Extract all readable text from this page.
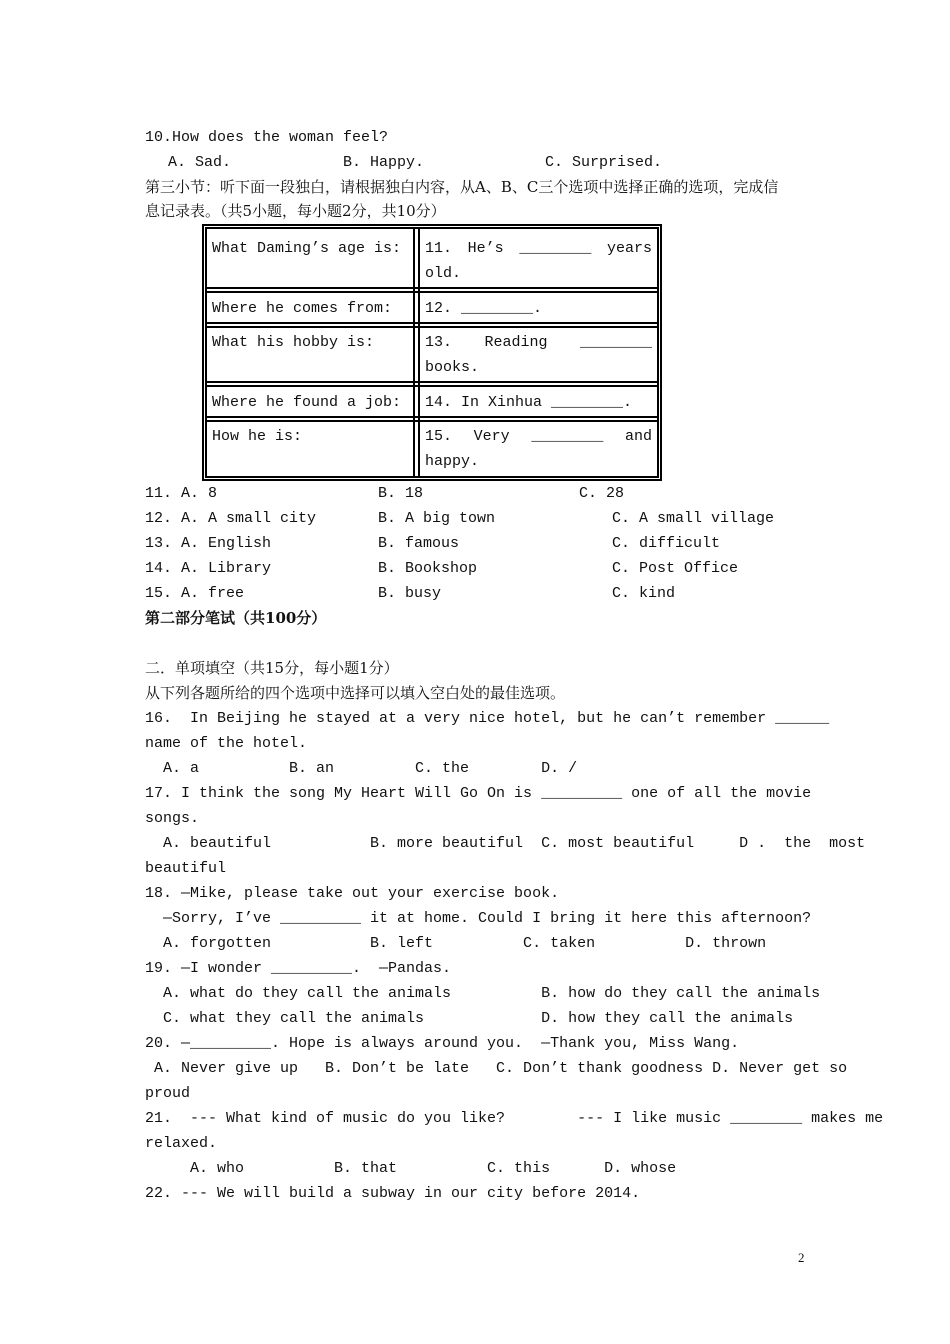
10.How does the woman feel?
A. Sad.	B. Happy.	C. Surprised.
第三小节：听下面一段独白，请根据独白内容，从A、B、C三个选项中选择正确的选项，完成信
息记录表。（共5小题，每小题2分，共10分）
What Daming’s age is:	11. He’s ________ years old.
Where he comes from:	12. ________.
What his hobby is:	13. Reading ________ books.
Where he found a job:	14. In Xinhua ________.
How he is:	15. Very ________ and happy.
11. A. 8	B. 18	C. 28
12. A. A small city	B. A big town	C. A small village
13. A. English	B. famous	C. difficult
14. A. Library	B. Bookshop	C. Post Office
15. A. free	B. busy	C. kind
第二部分笔试（共100分）
二．单项填空（共15分，每小题1分）
从下列各题所给的四个选项中选择可以填入空白处的最佳选项。
16.  In Beijing he stayed at a very nice hotel, but he can’t remember ______
name of the hotel.
A. a          B. an         C. the        D. /
17. I think the song My Heart Will Go On is _________ one of all the movie
songs.
A. beautiful           B. more beautiful  C. most beautiful     D .  the  most
beautiful
18. —Mike, please take out your exercise book.
—Sorry, I’ve _________ it at home. Could I bring it here this afternoon?
A. forgotten           B. left          C. taken          D. thrown
19. —I wonder _________.  —Pandas.
A. what do they call the animals          B. how do they call the animals
C. what they call the animals             D. how they call the animals
20. —_________. Hope is always around you.  —Thank you, Miss Wang.
A. Never give up   B. Don’t be late   C. Don’t thank goodness D. Never get so
proud
21.  --- What kind of music do you like?        --- I like music ________ makes me
relaxed.
A. who          B. that          C. this      D. whose
22. --- We will build a subway in our city before 2014.
2
